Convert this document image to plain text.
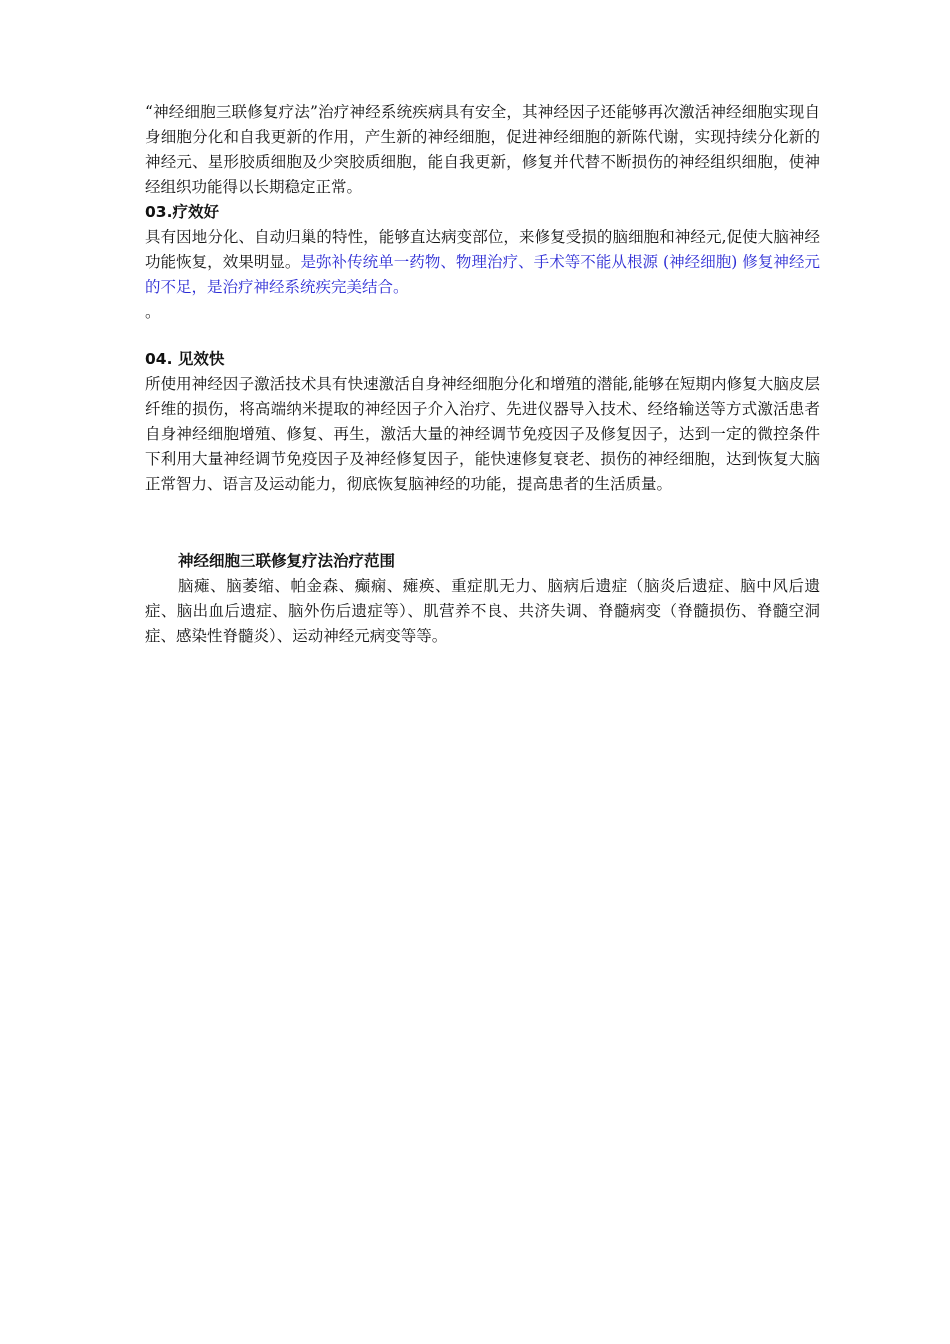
“神经细胞三联修复疗法”治疗神经系统疾病具有安全，其神经因子还能够再次激活神经细胞实现自身细胞分化和自我更新的作用，产生新的神经细胞，促进神经细胞的新陈代谢，实现持续分化新的神经元、星形胶质细胞及少突胶质细胞，能自我更新，修复并代替不断损伤的神经组织细胞，使神经组织功能得以长期稳定正常。

03.疗效好

具有因地分化、自动归巢的特性，能够直达病变部位，来修复受损的脑细胞和神经元,促使大脑神经功能恢复，效果明显。是弥补传统单一药物、物理治疗、手术等不能从根源 (神经细胞) 修复神经元的不足，是治疗神经系统疾完美结合。

。

04. 见效快

所使用神经因子激活技术具有快速激活自身神经细胞分化和增殖的潜能,能够在短期内修复大脑皮层纤维的损伤，将高端纳米提取的神经因子介入治疗、先进仪器导入技术、经络输送等方式激活患者自身神经细胞增殖、修复、再生，激活大量的神经调节免疫因子及修复因子，达到一定的微控条件下利用大量神经调节免疫因子及神经修复因子，能快速修复衰老、损伤的神经细胞，达到恢复大脑正常智力、语言及运动能力，彻底恢复脑神经的功能，提高患者的生活质量。

神经细胞三联修复疗法治疗范围

脑瘫、脑萎缩、帕金森、癫痫、瘫痪、重症肌无力、脑病后遗症（脑炎后遗症、脑中风后遗症、脑出血后遗症、脑外伤后遗症等）、肌营养不良、共济失调、脊髓病变（脊髓损伤、脊髓空洞症、感染性脊髓炎）、运动神经元病变等等。
